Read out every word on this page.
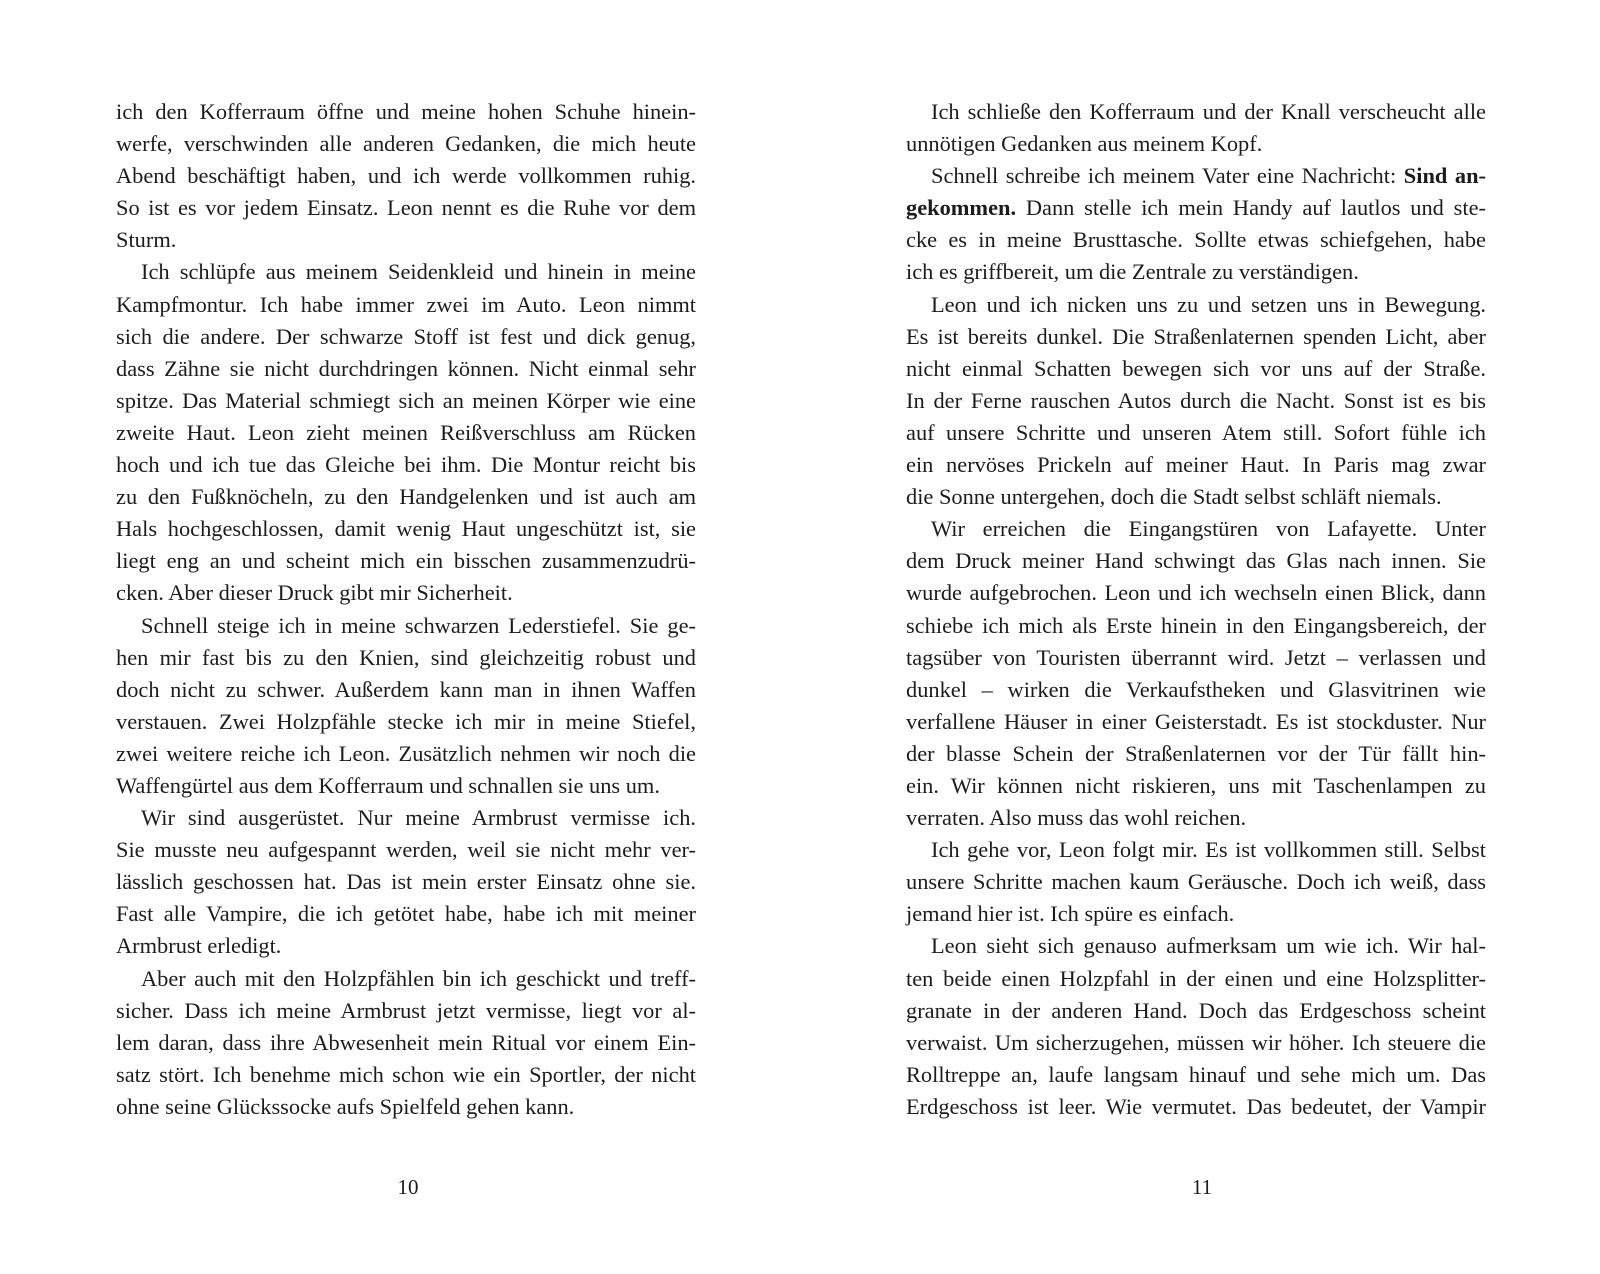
ich den Kofferraum öffne und meine hohen Schuhe hinein-
werfe, verschwinden alle anderen Gedanken, die mich heute
Abend beschäftigt haben, und ich werde vollkommen ruhig.
So ist es vor jedem Einsatz. Leon nennt es die Ruhe vor dem
Sturm.
Ich schlüpfe aus meinem Seidenkleid und hinein in meine
Kampfmontur. Ich habe immer zwei im Auto. Leon nimmt
sich die andere. Der schwarze Stoff ist fest und dick genug,
dass Zähne sie nicht durchdringen können. Nicht einmal sehr
spitze. Das Material schmiegt sich an meinen Körper wie eine
zweite Haut. Leon zieht meinen Reißverschluss am Rücken
hoch und ich tue das Gleiche bei ihm. Die Montur reicht bis
zu den Fußknöcheln, zu den Handgelenken und ist auch am
Hals hochgeschlossen, damit wenig Haut ungeschützt ist, sie
liegt eng an und scheint mich ein bisschen zusammenzudrü-
cken. Aber dieser Druck gibt mir Sicherheit.
Schnell steige ich in meine schwarzen Lederstiefel. Sie ge-
hen mir fast bis zu den Knien, sind gleichzeitig robust und
doch nicht zu schwer. Außerdem kann man in ihnen Waffen
verstauen. Zwei Holzpfähle stecke ich mir in meine Stiefel,
zwei weitere reiche ich Leon. Zusätzlich nehmen wir noch die
Waffengürtel aus dem Kofferraum und schnallen sie uns um.
Wir sind ausgerüstet. Nur meine Armbrust vermisse ich.
Sie musste neu aufgespannt werden, weil sie nicht mehr ver-
lässlich geschossen hat. Das ist mein erster Einsatz ohne sie.
Fast alle Vampire, die ich getötet habe, habe ich mit meiner
Armbrust erledigt.
Aber auch mit den Holzpfählen bin ich geschickt und treff-
sicher. Dass ich meine Armbrust jetzt vermisse, liegt vor al-
lem daran, dass ihre Abwesenheit mein Ritual vor einem Ein-
satz stört. Ich benehme mich schon wie ein Sportler, der nicht
ohne seine Glückssocke aufs Spielfeld gehen kann.
10
Ich schließe den Kofferraum und der Knall verscheucht alle
unnötigen Gedanken aus meinem Kopf.
Schnell schreibe ich meinem Vater eine Nachricht: Sind an-
gekommen. Dann stelle ich mein Handy auf lautlos und ste-
cke es in meine Brusttasche. Sollte etwas schiefgehen, habe
ich es griffbereit, um die Zentrale zu verständigen.
Leon und ich nicken uns zu und setzen uns in Bewegung.
Es ist bereits dunkel. Die Straßenlaternen spenden Licht, aber
nicht einmal Schatten bewegen sich vor uns auf der Straße.
In der Ferne rauschen Autos durch die Nacht. Sonst ist es bis
auf unsere Schritte und unseren Atem still. Sofort fühle ich
ein nervöses Prickeln auf meiner Haut. In Paris mag zwar
die Sonne untergehen, doch die Stadt selbst schläft niemals.
Wir erreichen die Eingangstüren von Lafayette. Unter
dem Druck meiner Hand schwingt das Glas nach innen. Sie
wurde aufgebrochen. Leon und ich wechseln einen Blick, dann
schiebe ich mich als Erste hinein in den Eingangsbereich, der
tagsüber von Touristen überrannt wird. Jetzt – verlassen und
dunkel – wirken die Verkaufstheken und Glasvitrinen wie
verfallene Häuser in einer Geisterstadt. Es ist stockduster. Nur
der blasse Schein der Straßenlaternen vor der Tür fällt hin-
ein. Wir können nicht riskieren, uns mit Taschenlampen zu
verraten. Also muss das wohl reichen.
Ich gehe vor, Leon folgt mir. Es ist vollkommen still. Selbst
unsere Schritte machen kaum Geräusche. Doch ich weiß, dass
jemand hier ist. Ich spüre es einfach.
Leon sieht sich genauso aufmerksam um wie ich. Wir hal-
ten beide einen Holzpfahl in der einen und eine Holzsplitter-
granate in der anderen Hand. Doch das Erdgeschoss scheint
verwaist. Um sicherzugehen, müssen wir höher. Ich steuere die
Rolltreppe an, laufe langsam hinauf und sehe mich um. Das
Erdgeschoss ist leer. Wie vermutet. Das bedeutet, der Vampir
11
